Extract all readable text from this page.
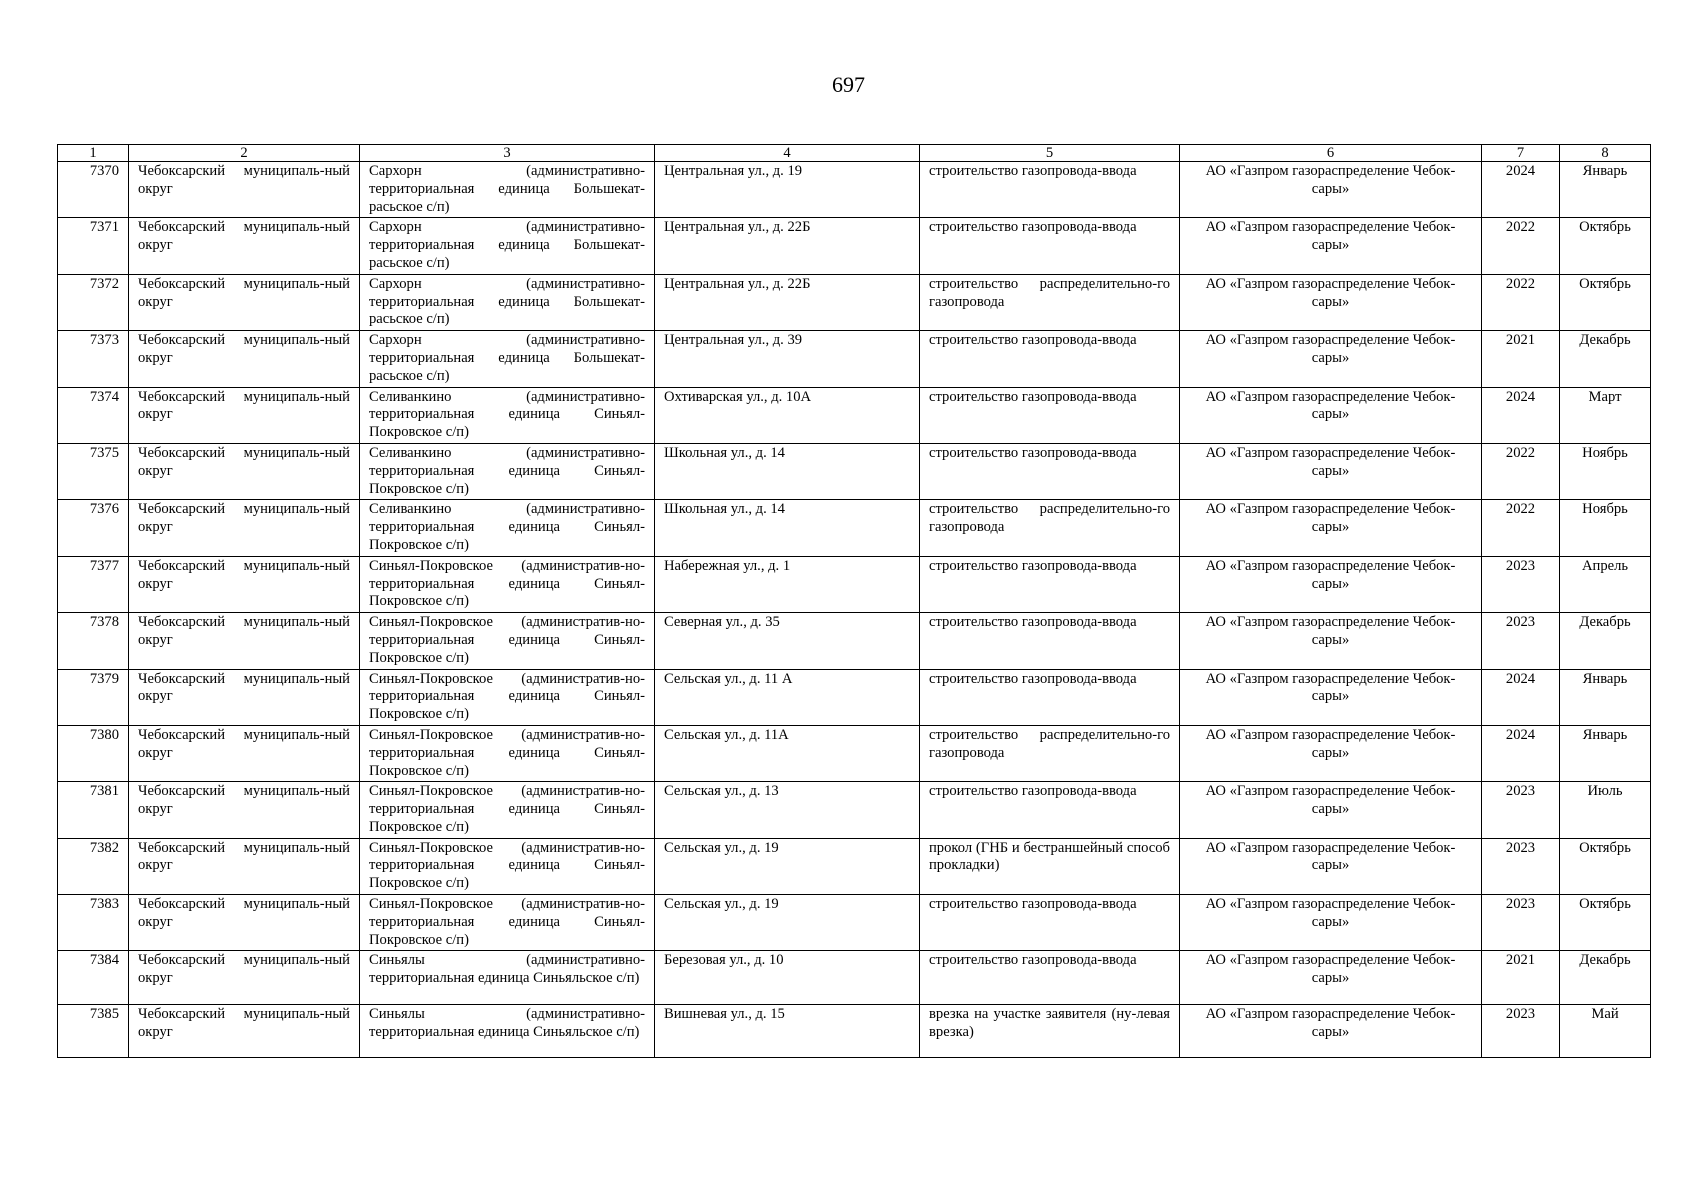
697
1	2	3	4	5	6	7	8
7370	Чебоксарский муниципаль-ный округ	Сархорн (административно-территориальная единица Большекат-расьское с/п)	Центральная ул., д. 19	строительство газопровода-ввода	АО «Газпром газораспределение Чебок-сары»	2024	Январь
7371	Чебоксарский муниципаль-ный округ	Сархорн (административно-территориальная единица Большекат-расьское с/п)	Центральная ул., д. 22Б	строительство газопровода-ввода	АО «Газпром газораспределение Чебок-сары»	2022	Октябрь
7372	Чебоксарский муниципаль-ный округ	Сархорн (административно-территориальная единица Большекат-расьское с/п)	Центральная ул., д. 22Б	строительство распределительно-го газопровода	АО «Газпром газораспределение Чебок-сары»	2022	Октябрь
7373	Чебоксарский муниципаль-ный округ	Сархорн (административно-территориальная единица Большекат-расьское с/п)	Центральная ул., д. 39	строительство газопровода-ввода	АО «Газпром газораспределение Чебок-сары»	2021	Декабрь
7374	Чебоксарский муниципаль-ный округ	Селиванкино (административно-территориальная единица Синьял-Покровское с/п)	Охтиварская ул., д. 10А	строительство газопровода-ввода	АО «Газпром газораспределение Чебок-сары»	2024	Март
7375	Чебоксарский муниципаль-ный округ	Селиванкино (административно-территориальная единица Синьял-Покровское с/п)	Школьная ул., д. 14	строительство газопровода-ввода	АО «Газпром газораспределение Чебок-сары»	2022	Ноябрь
7376	Чебоксарский муниципаль-ный округ	Селиванкино (административно-территориальная единица Синьял-Покровское с/п)	Школьная ул., д. 14	строительство распределительно-го газопровода	АО «Газпром газораспределение Чебок-сары»	2022	Ноябрь
7377	Чебоксарский муниципаль-ный округ	Синьял-Покровское (административ-но-территориальная единица Синьял-Покровское с/п)	Набережная ул., д. 1	строительство газопровода-ввода	АО «Газпром газораспределение Чебок-сары»	2023	Апрель
7378	Чебоксарский муниципаль-ный округ	Синьял-Покровское (административ-но-территориальная единица Синьял-Покровское с/п)	Северная ул., д. 35	строительство газопровода-ввода	АО «Газпром газораспределение Чебок-сары»	2023	Декабрь
7379	Чебоксарский муниципаль-ный округ	Синьял-Покровское (административ-но-территориальная единица Синьял-Покровское с/п)	Сельская ул., д. 11 А	строительство газопровода-ввода	АО «Газпром газораспределение Чебок-сары»	2024	Январь
7380	Чебоксарский муниципаль-ный округ	Синьял-Покровское (административ-но-территориальная единица Синьял-Покровское с/п)	Сельская ул., д. 11А	строительство распределительно-го газопровода	АО «Газпром газораспределение Чебок-сары»	2024	Январь
7381	Чебоксарский муниципаль-ный округ	Синьял-Покровское (административ-но-территориальная единица Синьял-Покровское с/п)	Сельская ул., д. 13	строительство газопровода-ввода	АО «Газпром газораспределение Чебок-сары»	2023	Июль
7382	Чебоксарский муниципаль-ный округ	Синьял-Покровское (административ-но-территориальная единица Синьял-Покровское с/п)	Сельская ул., д. 19	прокол (ГНБ и бестраншейный способ прокладки)	АО «Газпром газораспределение Чебок-сары»	2023	Октябрь
7383	Чебоксарский муниципаль-ный округ	Синьял-Покровское (административ-но-территориальная единица Синьял-Покровское с/п)	Сельская ул., д. 19	строительство газопровода-ввода	АО «Газпром газораспределение Чебок-сары»	2023	Октябрь
7384	Чебоксарский муниципаль-ный округ	Синьялы (административно-территориальная единица Синьяльское с/п)	Березовая ул., д. 10	строительство газопровода-ввода	АО «Газпром газораспределение Чебок-сары»	2021	Декабрь
7385	Чебоксарский муниципаль-ный округ	Синьялы (административно-территориальная единица Синьяльское с/п)	Вишневая ул., д. 15	врезка на участке заявителя (ну-левая врезка)	АО «Газпром газораспределение Чебок-сары»	2023	Май
